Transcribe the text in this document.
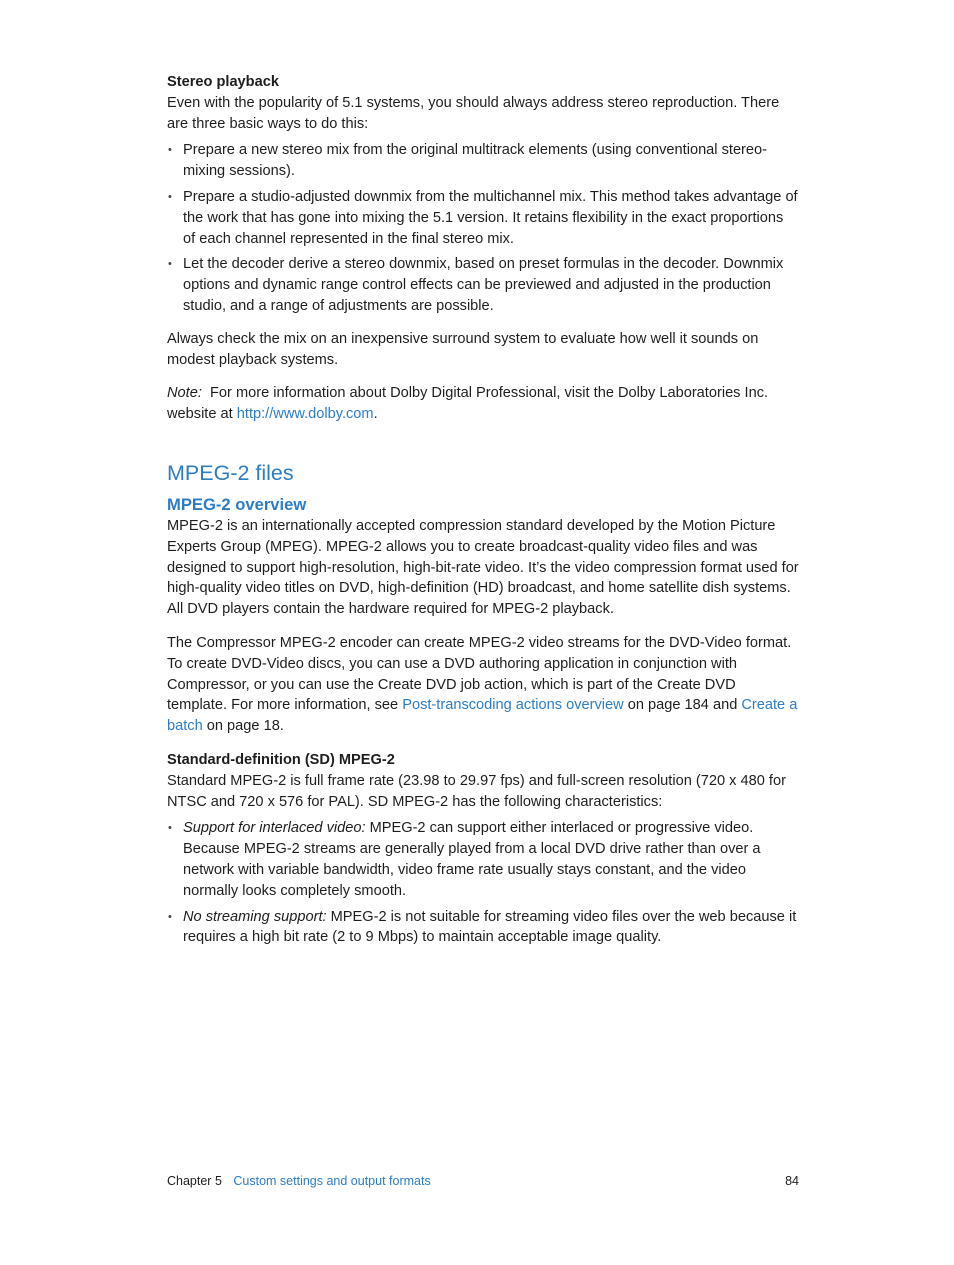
Stereo playback

Even with the popularity of 5.1 systems, you should always address stereo reproduction. There are three basic ways to do this:

• Prepare a new stereo mix from the original multitrack elements (using conventional stereo-mixing sessions).
• Prepare a studio-adjusted downmix from the multichannel mix. This method takes advantage of the work that has gone into mixing the 5.1 version. It retains flexibility in the exact proportions of each channel represented in the final stereo mix.
• Let the decoder derive a stereo downmix, based on preset formulas in the decoder. Downmix options and dynamic range control effects can be previewed and adjusted in the production studio, and a range of adjustments are possible.

Always check the mix on an inexpensive surround system to evaluate how well it sounds on modest playback systems.

Note: For more information about Dolby Digital Professional, visit the Dolby Laboratories Inc. website at http://www.dolby.com.

MPEG-2 files
MPEG-2 overview

MPEG-2 is an internationally accepted compression standard developed by the Motion Picture Experts Group (MPEG). MPEG-2 allows you to create broadcast-quality video files and was designed to support high-resolution, high-bit-rate video. It’s the video compression format used for high-quality video titles on DVD, high-definition (HD) broadcast, and home satellite dish systems. All DVD players contain the hardware required for MPEG-2 playback.

The Compressor MPEG-2 encoder can create MPEG-2 video streams for the DVD-Video format. To create DVD-Video discs, you can use a DVD authoring application in conjunction with Compressor, or you can use the Create DVD job action, which is part of the Create DVD template. For more information, see Post-transcoding actions overview on page 184 and Create a batch on page 18.

Standard-definition (SD) MPEG-2

Standard MPEG-2 is full frame rate (23.98 to 29.97 fps) and full-screen resolution (720 x 480 for NTSC and 720 x 576 for PAL). SD MPEG-2 has the following characteristics:

• Support for interlaced video: MPEG-2 can support either interlaced or progressive video. Because MPEG-2 streams are generally played from a local DVD drive rather than over a network with variable bandwidth, video frame rate usually stays constant, and the video normally looks completely smooth.
• No streaming support: MPEG-2 is not suitable for streaming video files over the web because it requires a high bit rate (2 to 9 Mbps) to maintain acceptable image quality.
Chapter 5 Custom settings and output formats	84
